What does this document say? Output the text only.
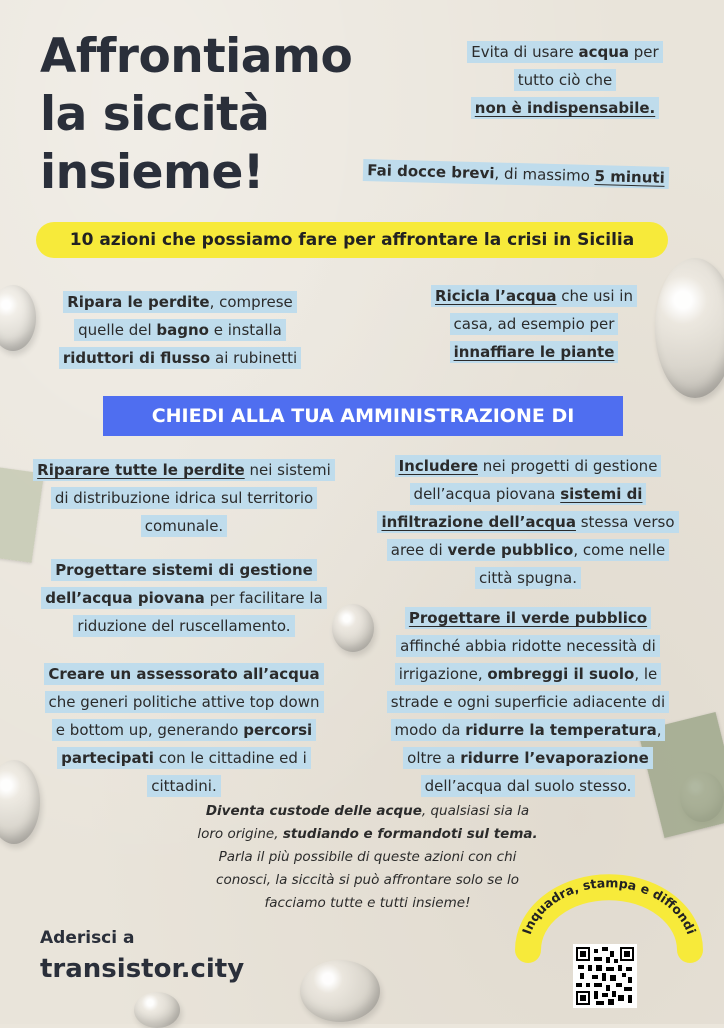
Affrontiamo
la siccità
insieme!
Evita di usare acqua per
tutto ciò che
non è indispensabile.
Fai docce brevi, di massimo 5 minuti
10 azioni che possiamo fare per affrontare la crisi in Sicilia
Ripara le perdite, comprese
quelle del bagno e installa
riduttori di flusso ai rubinetti
Ricicla l’acqua che usi in
casa, ad esempio per
innaffiare le piante
CHIEDI ALLA TUA AMMINISTRAZIONE DI
Riparare tutte le perdite nei sistemi
di distribuzione idrica sul territorio
comunale.
Progettare sistemi di gestione
dell’acqua piovana per facilitare la
riduzione del ruscellamento.
Creare un assessorato all’acqua
che generi politiche attive top down
e bottom up, generando percorsi
partecipati con le cittadine ed i
cittadini.
Includere nei progetti di gestione
dell’acqua piovana sistemi di
infiltrazione dell’acqua stessa verso
aree di verde pubblico, come nelle
città spugna.
Progettare il verde pubblico
affinché abbia ridotte necessità di
irrigazione, ombreggi il suolo, le
strade e ogni superficie adiacente di
modo da ridurre la temperatura,
oltre a ridurre l’evaporazione
dell’acqua dal suolo stesso.
Diventa custode delle acque, qualsiasi sia la
loro origine, studiando e formandoti sul tema.
Parla il più possibile di queste azioni con chi
conosci, la siccità si può affrontare solo se lo
facciamo tutte e tutti insieme!
Aderisci a
transistor.city
Inquadra, stampa e diffondi
